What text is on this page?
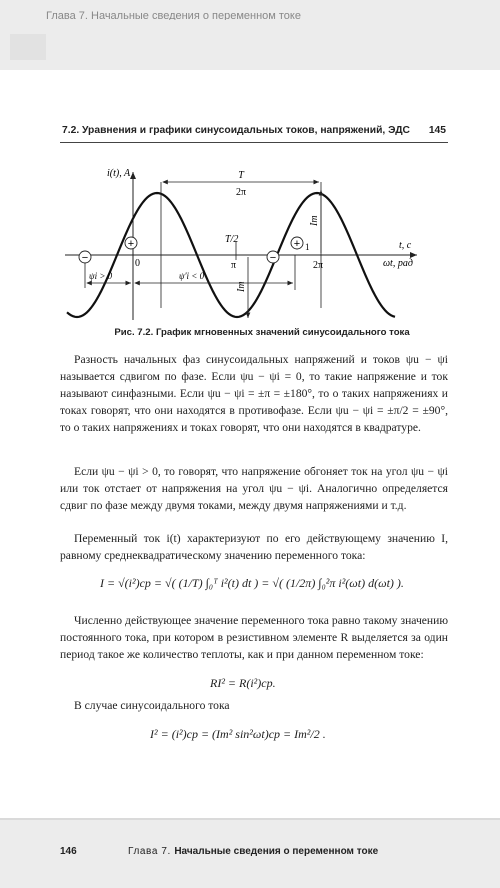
Глава 7. Начальные сведения о переменном токе
7.2. Уравнения и графики синусоидальных токов, напряжений, ЭДС 145
T
2π
Im
Im
ψi > 0	ψ′i < 0
i(t), A
t, c
ωt, рад
0
T/2
π	2π
1
−
+
−
+
Рис. 7.2. График мгновенных значений синусоидального тока

Разность начальных фаз синусоидальных напряжений и токов ψu − ψi называется сдвигом по фазе. Если ψu − ψi = 0, то такие напряжение и ток называют синфазными. Если ψu − ψi = ±π = ±180°, то о таких напряжениях и токах говорят, что они находятся в противофазе. Если ψu − ψi = ±π/2 = ±90°, то о таких напряжениях и токах говорят, что они находятся в квадратуре.

Если ψu − ψi > 0, то говорят, что напряжение обгоняет ток на угол ψu − ψi или ток отстает от напряжения на угол ψu − ψi. Аналогично определяется сдвиг по фазе между двумя токами, между двумя напряжениями и т.д.

Переменный ток i(t) характеризуют по его действующему значению I, равному среднеквадратическому значению переменного тока:

I = √(i²)ср = √( (1/T) ∫₀ᵀ i²(t) dt ) = √( (1/2π) ∫₀²π i²(ωt) d(ωt) ).

Численно действующее значение переменного тока равно такому значению постоянного тока, при котором в резистивном элементе R выделяется за один период такое же количество теплоты, как и при данном переменном токе:

RI² = R(i²)ср.

В случае синусоидального тока

I² = (i²)ср = (Im² sin²ωt)ср = Im²/2 .
146	Глава 7. Начальные сведения о переменном токе
